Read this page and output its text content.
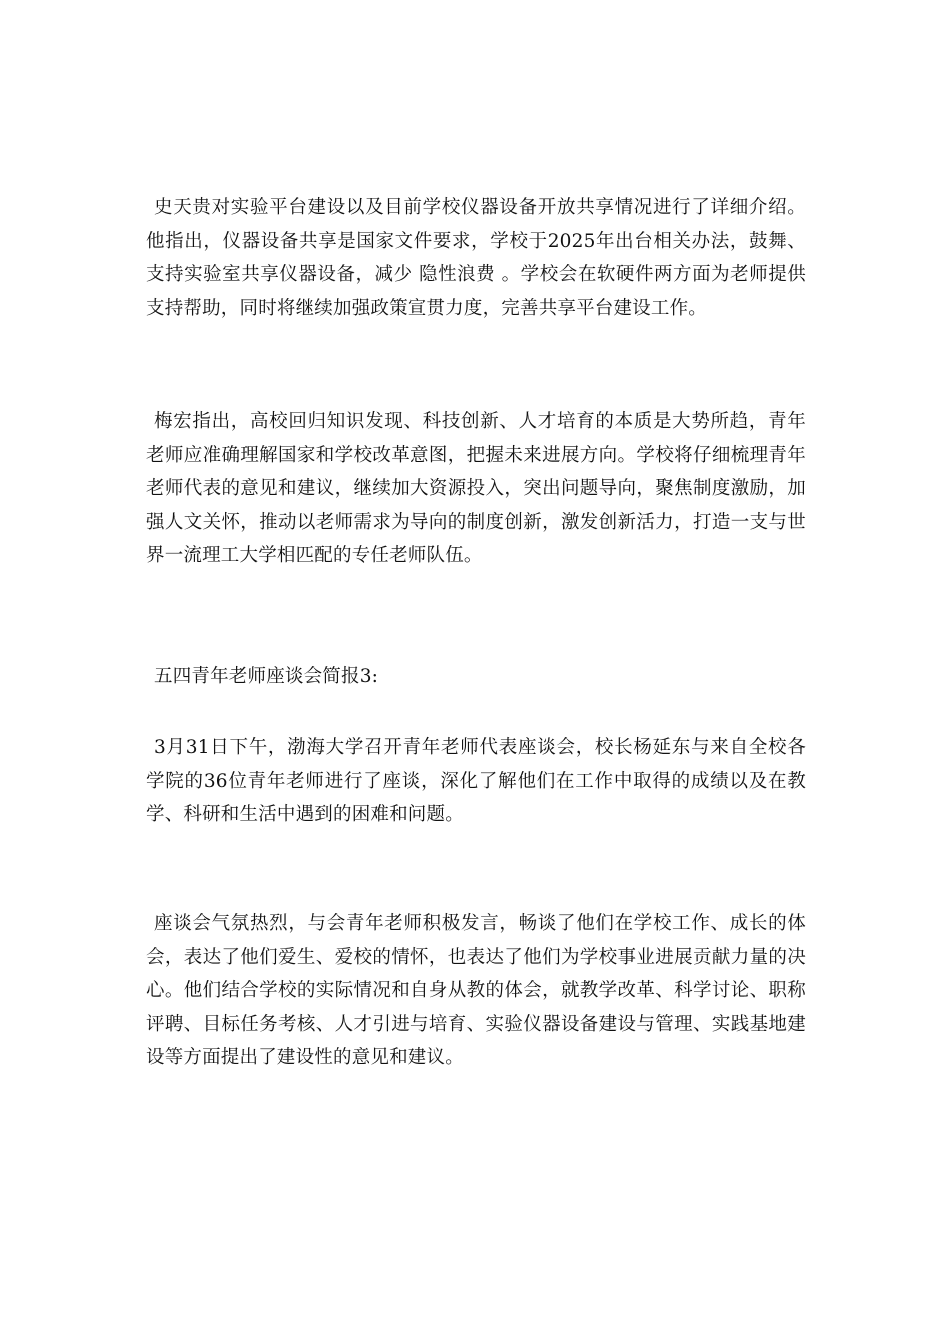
史天贵对实验平台建设以及目前学校仪器设备开放共享情况进行了详细介绍。他指出，仪器设备共享是国家文件要求，学校于2025年出台相关办法，鼓舞、支持实验室共享仪器设备，减少 隐性浪费 。学校会在软硬件两方面为老师提供支持帮助，同时将继续加强政策宣贯力度，完善共享平台建设工作。

梅宏指出，高校回归知识发现、科技创新、人才培育的本质是大势所趋，青年老师应准确理解国家和学校改革意图，把握未来进展方向。学校将仔细梳理青年老师代表的意见和建议，继续加大资源投入，突出问题导向，聚焦制度激励，加强人文关怀，推动以老师需求为导向的制度创新，激发创新活力，打造一支与世界一流理工大学相匹配的专任老师队伍。

五四青年老师座谈会简报3:

3月31日下午，渤海大学召开青年老师代表座谈会，校长杨延东与来自全校各学院的36位青年老师进行了座谈，深化了解他们在工作中取得的成绩以及在教学、科研和生活中遇到的困难和问题。

座谈会气氛热烈，与会青年老师积极发言，畅谈了他们在学校工作、成长的体会，表达了他们爱生、爱校的情怀，也表达了他们为学校事业进展贡献力量的决心。他们结合学校的实际情况和自身从教的体会，就教学改革、科学讨论、职称评聘、目标任务考核、人才引进与培育、实验仪器设备建设与管理、实践基地建设等方面提出了建设性的意见和建议。
